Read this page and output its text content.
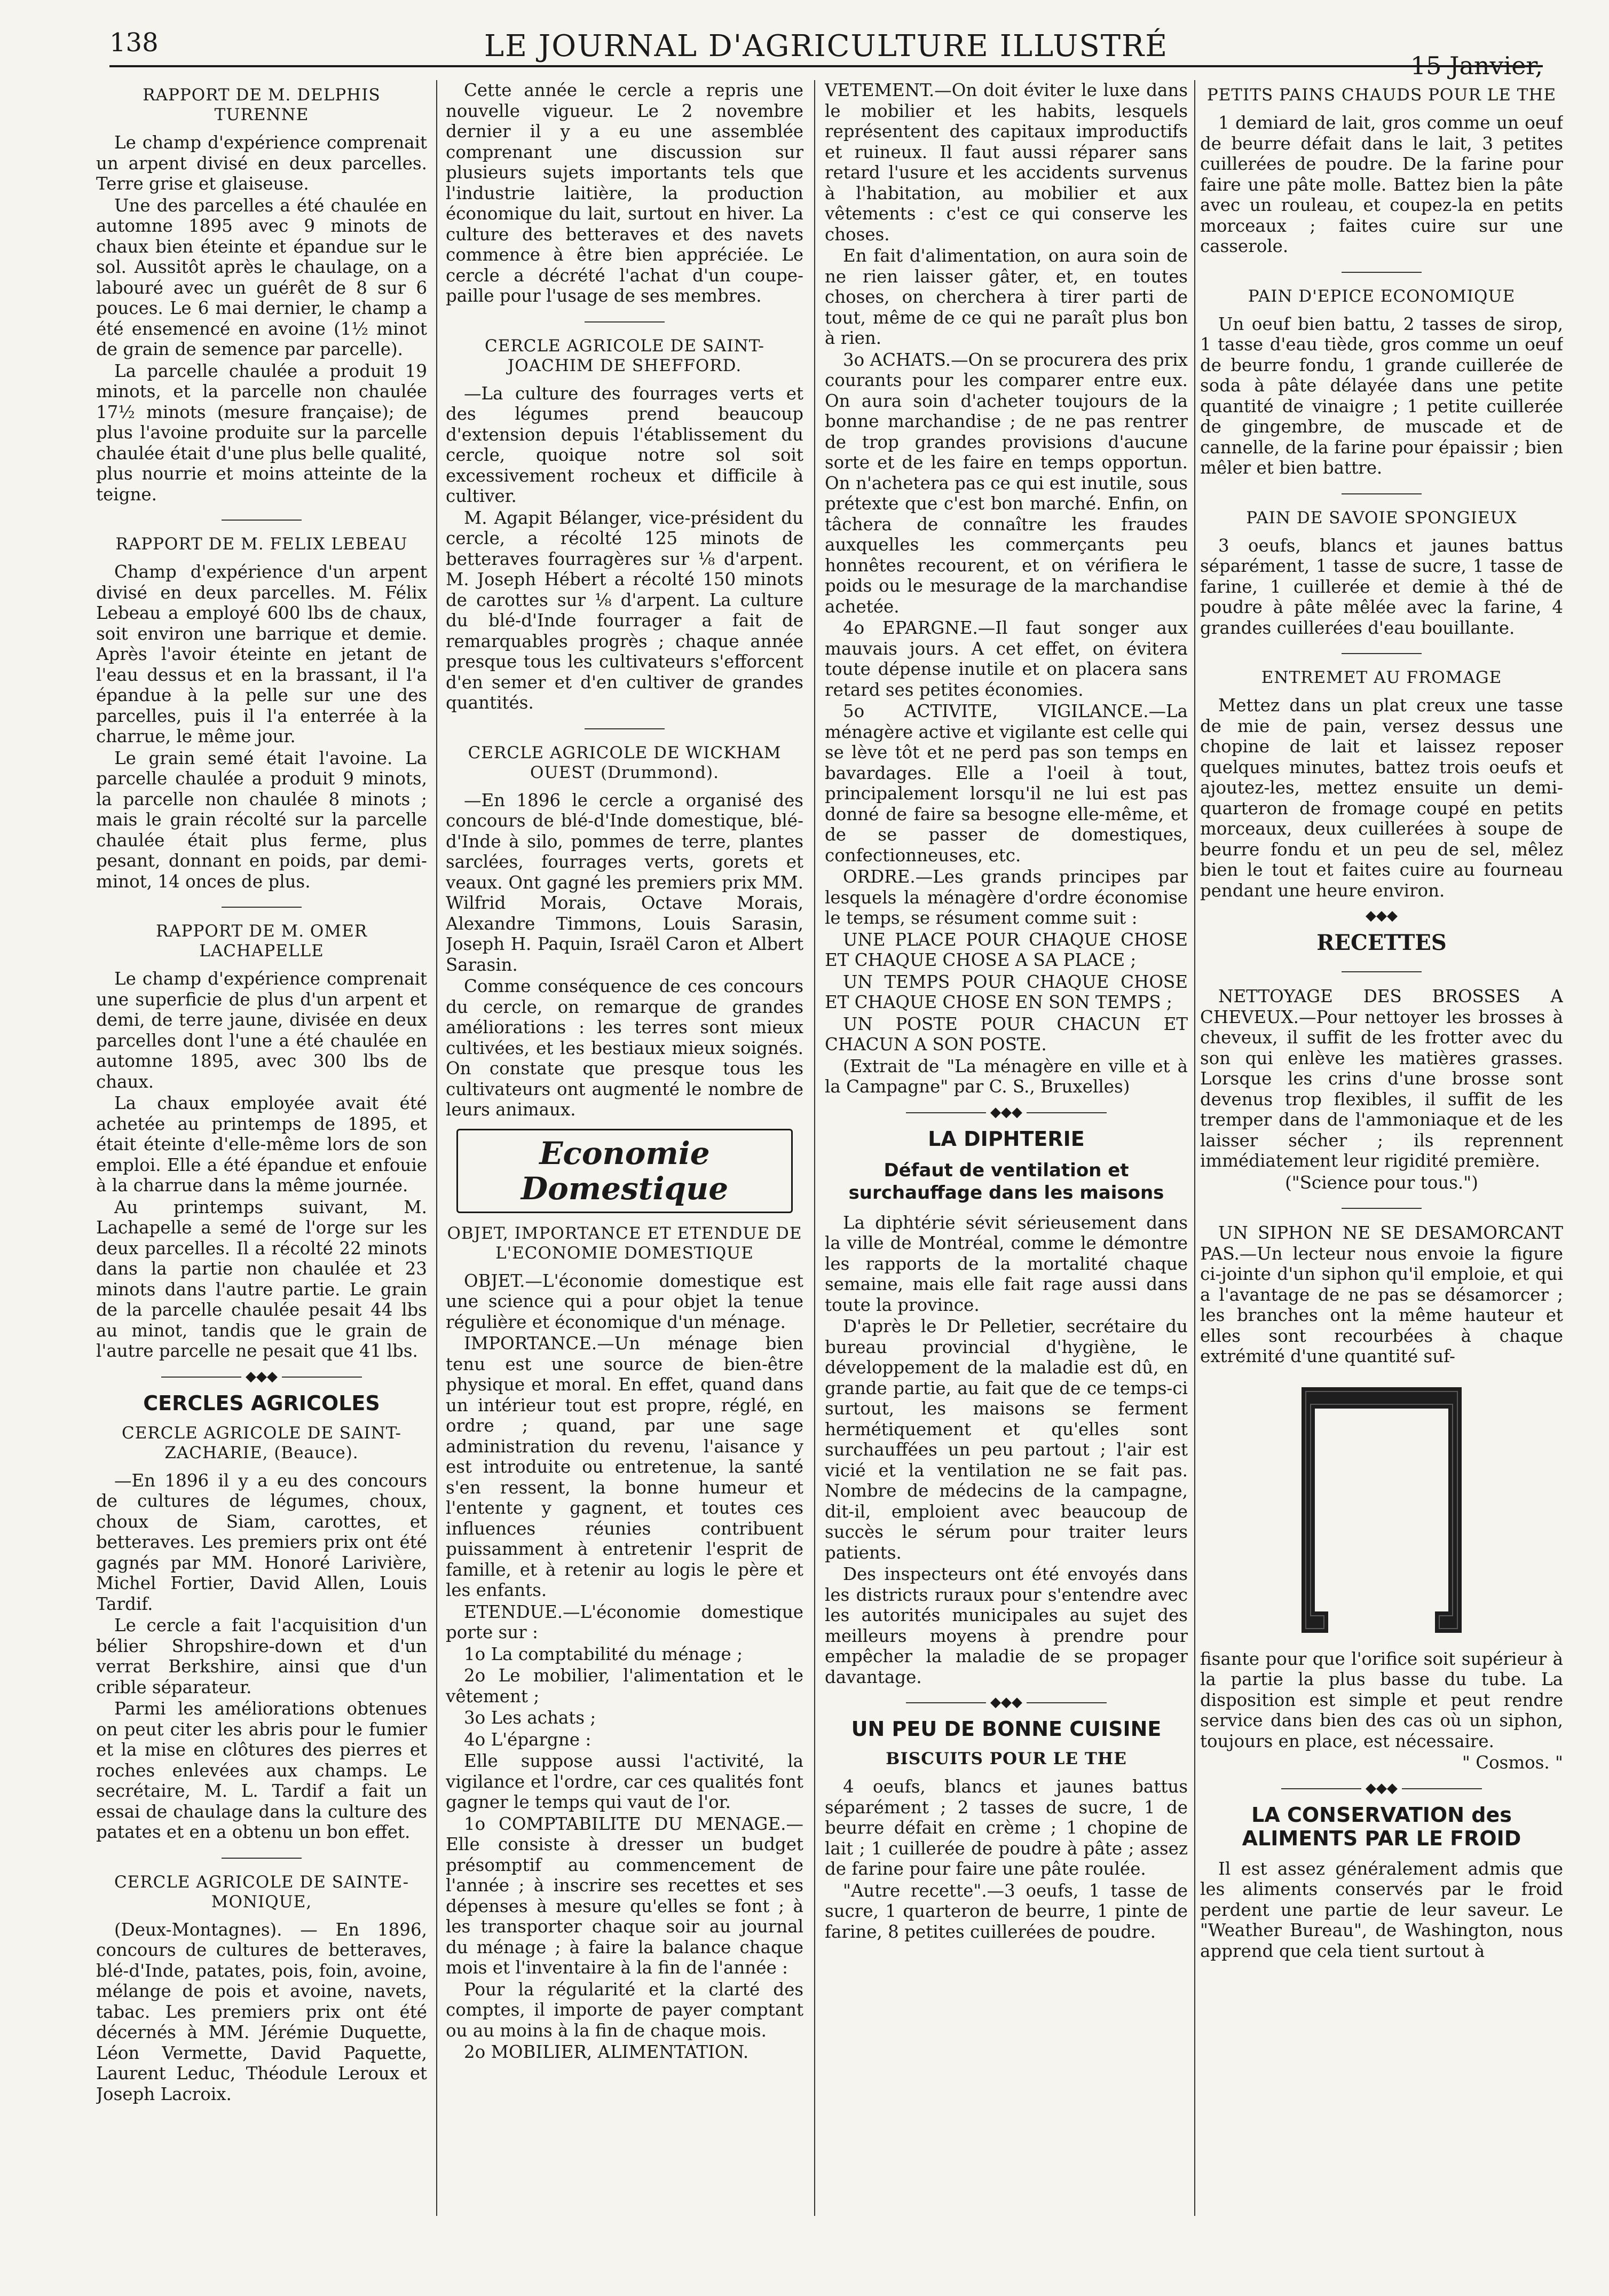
138	LE JOURNAL D'AGRICULTURE ILLUSTRÉ
15 Janvier,
RAPPORT DE M. DELPHIS TURENNE

Le champ d'expérience comprenait un arpent divisé en deux parcelles. Terre grise et glaiseuse.

Une des parcelles a été chaulée en automne 1895 avec 9 minots de chaux bien éteinte et épandue sur le sol. Aussitôt après le chaulage, on a labouré avec un guérêt de 8 sur 6 pouces. Le 6 mai dernier, le champ a été ensemencé en avoine (1½ minot de grain de semence par parcelle).

La parcelle chaulée a produit 19 minots, et la parcelle non chaulée 17½ minots (mesure française); de plus l'avoine produite sur la parcelle chaulée était d'une plus belle qualité, plus nourrie et moins atteinte de la teigne.

RAPPORT DE M. FELIX LEBEAU

Champ d'expérience d'un arpent divisé en deux parcelles. M. Félix Lebeau a employé 600 lbs de chaux, soit environ une barrique et demie. Après l'avoir éteinte en jetant de l'eau dessus et en la brassant, il l'a épandue à la pelle sur une des parcelles, puis il l'a enterrée à la charrue, le même jour.

Le grain semé était l'avoine. La parcelle chaulée a produit 9 minots, la parcelle non chaulée 8 minots ; mais le grain récolté sur la parcelle chaulée était plus ferme, plus pesant, donnant en poids, par demi-minot, 14 onces de plus.

RAPPORT DE M. OMER LACHAPELLE

Le champ d'expérience comprenait une superficie de plus d'un arpent et demi, de terre jaune, divisée en deux parcelles dont l'une a été chaulée en automne 1895, avec 300 lbs de chaux.

La chaux employée avait été achetée au printemps de 1895, et était éteinte d'elle-même lors de son emploi. Elle a été épandue et enfouie à la charrue dans la même journée.

Au printemps suivant, M. Lachapelle a semé de l'orge sur les deux parcelles. Il a récolté 22 minots dans la partie non chaulée et 23 minots dans l'autre partie. Le grain de la parcelle chaulée pesait 44 lbs au minot, tandis que le grain de l'autre parcelle ne pesait que 41 lbs.

◆◆◆
CERCLES AGRICOLES
CERCLE AGRICOLE DE SAINT-ZACHARIE, (Beauce).

—En 1896 il y a eu des concours de cultures de légumes, choux, choux de Siam, carottes, et betteraves. Les premiers prix ont été gagnés par MM. Honoré Larivière, Michel Fortier, David Allen, Louis Tardif.

Le cercle a fait l'acquisition d'un bélier Shropshire-down et d'un verrat Berkshire, ainsi que d'un crible séparateur.

Parmi les améliorations obtenues on peut citer les abris pour le fumier et la mise en clôtures des pierres et roches enlevées aux champs. Le secrétaire, M. L. Tardif a fait un essai de chaulage dans la culture des patates et en a obtenu un bon effet.

CERCLE AGRICOLE DE SAINTE-MONIQUE,

(Deux-Montagnes). — En 1896, concours de cultures de betteraves, blé-d'Inde, patates, pois, foin, avoine, mélange de pois et avoine, navets, tabac. Les premiers prix ont été décernés à MM. Jérémie Duquette, Léon Vermette, David Paquette, Laurent Leduc, Théodule Leroux et Joseph Lacroix.

Cette année le cercle a repris une nouvelle vigueur. Le 2 novembre dernier il y a eu une assemblée comprenant une discussion sur plusieurs sujets importants tels que l'industrie laitière, la production économique du lait, surtout en hiver. La culture des betteraves et des navets commence à être bien appréciée. Le cercle a décrété l'achat d'un coupe-paille pour l'usage de ses membres.

CERCLE AGRICOLE DE SAINT-JOACHIM DE SHEFFORD.

—La culture des fourrages verts et des légumes prend beaucoup d'extension depuis l'établissement du cercle, quoique notre sol soit excessivement rocheux et difficile à cultiver.

M. Agapit Bélanger, vice-président du cercle, a récolté 125 minots de betteraves fourragères sur ⅛ d'arpent. M. Joseph Hébert a récolté 150 minots de carottes sur ⅛ d'arpent. La culture du blé-d'Inde fourrager a fait de remarquables progrès ; chaque année presque tous les cultivateurs s'efforcent d'en semer et d'en cultiver de grandes quantités.

CERCLE AGRICOLE DE WICKHAM OUEST (Drummond).

—En 1896 le cercle a organisé des concours de blé-d'Inde domestique, blé-d'Inde à silo, pommes de terre, plantes sarclées, fourrages verts, gorets et veaux. Ont gagné les premiers prix MM. Wilfrid Morais, Octave Morais, Alexandre Timmons, Louis Sarasin, Joseph H. Paquin, Israël Caron et Albert Sarasin.

Comme conséquence de ces concours du cercle, on remarque de grandes améliorations : les terres sont mieux cultivées, et les bestiaux mieux soignés. On constate que presque tous les cultivateurs ont augmenté le nombre de leurs animaux.

Economie Domestique
OBJET, IMPORTANCE ET ETENDUE DE L'ECONOMIE DOMESTIQUE

OBJET.—L'économie domestique est une science qui a pour objet la tenue régulière et économique d'un ménage.

IMPORTANCE.—Un ménage bien tenu est une source de bien-être physique et moral. En effet, quand dans un intérieur tout est propre, réglé, en ordre ; quand, par une sage administration du revenu, l'aisance y est introduite ou entretenue, la santé s'en ressent, la bonne humeur et l'entente y gagnent, et toutes ces influences réunies contribuent puissamment à entretenir l'esprit de famille, et à retenir au logis le père et les enfants.

ETENDUE.—L'économie domestique porte sur :

1o La comptabilité du ménage ;

2o Le mobilier, l'alimentation et le vêtement ;

3o Les achats ;

4o L'épargne :

Elle suppose aussi l'activité, la vigilance et l'ordre, car ces qualités font gagner le temps qui vaut de l'or.

1o COMPTABILITE DU MENAGE.—Elle consiste à dresser un budget présomptif au commencement de l'année ; à inscrire ses recettes et ses dépenses à mesure qu'elles se font ; à les transporter chaque soir au journal du ménage ; à faire la balance chaque mois et l'inventaire à la fin de l'année :

Pour la régularité et la clarté des comptes, il importe de payer comptant ou au moins à la fin de chaque mois.

2o MOBILIER, ALIMENTATION.

VETEMENT.—On doit éviter le luxe dans le mobilier et les habits, lesquels représentent des capitaux improductifs et ruineux. Il faut aussi réparer sans retard l'usure et les accidents survenus à l'habitation, au mobilier et aux vêtements : c'est ce qui conserve les choses.

En fait d'alimentation, on aura soin de ne rien laisser gâter, et, en toutes choses, on cherchera à tirer parti de tout, même de ce qui ne paraît plus bon à rien.

3o ACHATS.—On se procurera des prix courants pour les comparer entre eux. On aura soin d'acheter toujours de la bonne marchandise ; de ne pas rentrer de trop grandes provisions d'aucune sorte et de les faire en temps opportun. On n'achetera pas ce qui est inutile, sous prétexte que c'est bon marché. Enfin, on tâchera de connaître les fraudes auxquelles les commerçants peu honnêtes recourent, et on vérifiera le poids ou le mesurage de la marchandise achetée.

4o EPARGNE.—Il faut songer aux mauvais jours. A cet effet, on évitera toute dépense inutile et on placera sans retard ses petites économies.

5o ACTIVITE, VIGILANCE.—La ménagère active et vigilante est celle qui se lève tôt et ne perd pas son temps en bavardages. Elle a l'oeil à tout, principalement lorsqu'il ne lui est pas donné de faire sa besogne elle-même, et de se passer de domestiques, confectionneuses, etc.

ORDRE.—Les grands principes par lesquels la ménagère d'ordre économise le temps, se résument comme suit :

UNE PLACE POUR CHAQUE CHOSE ET CHAQUE CHOSE A SA PLACE ;

UN TEMPS POUR CHAQUE CHOSE ET CHAQUE CHOSE EN SON TEMPS ;

UN POSTE POUR CHACUN ET CHACUN A SON POSTE.

(Extrait de "La ménagère en ville et à la Campagne" par C. S., Bruxelles)

◆◆◆
LA DIPHTERIE
Défaut de ventilation et surchauffage dans les maisons

La diphtérie sévit sérieusement dans la ville de Montréal, comme le démontre les rapports de la mortalité chaque semaine, mais elle fait rage aussi dans toute la province.

D'après le Dr Pelletier, secrétaire du bureau provincial d'hygiène, le développement de la maladie est dû, en grande partie, au fait que de ce temps-ci surtout, les maisons se ferment hermétiquement et qu'elles sont surchauffées un peu partout ; l'air est vicié et la ventilation ne se fait pas. Nombre de médecins de la campagne, dit-il, emploient avec beaucoup de succès le sérum pour traiter leurs patients.

Des inspecteurs ont été envoyés dans les districts ruraux pour s'entendre avec les autorités municipales au sujet des meilleurs moyens à prendre pour empêcher la maladie de se propager davantage.

◆◆◆
UN PEU DE BONNE CUISINE
BISCUITS POUR LE THE

4 oeufs, blancs et jaunes battus séparément ; 2 tasses de sucre, 1 de beurre défait en crème ; 1 chopine de lait ; 1 cuillerée de poudre à pâte ; assez de farine pour faire une pâte roulée.

"Autre recette".—3 oeufs, 1 tasse de sucre, 1 quarteron de beurre, 1 pinte de farine, 8 petites cuillerées de poudre.

PETITS PAINS CHAUDS POUR LE THE

1 demiard de lait, gros comme un oeuf de beurre défait dans le lait, 3 petites cuillerées de poudre. De la farine pour faire une pâte molle. Battez bien la pâte avec un rouleau, et coupez-la en petits morceaux ; faites cuire sur une casserole.

PAIN D'EPICE ECONOMIQUE

Un oeuf bien battu, 2 tasses de sirop, 1 tasse d'eau tiède, gros comme un oeuf de beurre fondu, 1 grande cuillerée de soda à pâte délayée dans une petite quantité de vinaigre ; 1 petite cuillerée de gingembre, de muscade et de cannelle, de la farine pour épaissir ; bien mêler et bien battre.

PAIN DE SAVOIE SPONGIEUX

3 oeufs, blancs et jaunes battus séparément, 1 tasse de sucre, 1 tasse de farine, 1 cuillerée et demie à thé de poudre à pâte mêlée avec la farine, 4 grandes cuillerées d'eau bouillante.

ENTREMET AU FROMAGE

Mettez dans un plat creux une tasse de mie de pain, versez dessus une chopine de lait et laissez reposer quelques minutes, battez trois oeufs et ajoutez-les, mettez ensuite un demi-quarteron de fromage coupé en petits morceaux, deux cuillerées à soupe de beurre fondu et un peu de sel, mêlez bien le tout et faites cuire au fourneau pendant une heure environ.

◆◆◆
RECETTES

NETTOYAGE DES BROSSES A CHEVEUX.—Pour nettoyer les brosses à cheveux, il suffit de les frotter avec du son qui enlève les matières grasses. Lorsque les crins d'une brosse sont devenus trop flexibles, il suffit de les tremper dans de l'ammoniaque et de les laisser sécher ; ils reprennent immédiatement leur rigidité première.

("Science pour tous.")

UN SIPHON NE SE DESAMORCANT PAS.—Un lecteur nous envoie la figure ci-jointe d'un siphon qu'il emploie, et qui a l'avantage de ne pas se désamorcer ; les branches ont la même hauteur et elles sont recourbées à chaque extrémité d'une quantité suf-

fisante pour que l'orifice soit supérieur à la partie la plus basse du tube. La disposition est simple et peut rendre service dans bien des cas où un siphon, toujours en place, est nécessaire.

" Cosmos. "

◆◆◆
LA CONSERVATION des ALIMENTS PAR LE FROID

Il est assez généralement admis que les aliments conservés par le froid perdent une partie de leur saveur. Le "Weather Bureau", de Washington, nous apprend que cela tient surtout à
